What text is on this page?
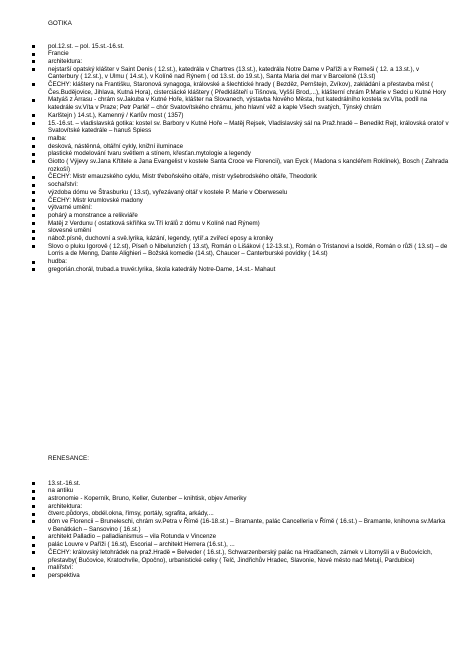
GOTIKA
pol.12.st. – pol. 15.st.-16.st.
Francie
architektura:
nejstarší opatský klášter v Saint Denis ( 12.st.), katedrála v Chartres (13.st.), katedrála Notre Dame v Paříži a v Remeši ( 12. a 13.st.), v Canterbury ( 12.st.), v Ulmu ( 14.st.), v Kolíně nad Rýnem ( od 13.st. do 19.st.), Santa Maria del mar v Barceloně (13.st)
ČECHY: kláštery na Františku, Staronová synagoga, královské a šlechtické hrady ( Bezděz, Pernštejn, Zvíkov), zakládání a přestavba měst ( Čes.Budějovice, Jihlava, Kutná Hora), cisterciácké kláštery ( Předklášteří u Tišnova, Vyšší Brod,...), klášterní chrám P.Marie v Sedci u Kutné Hory
Matyáš z Arrasu - chrám sv.Jakuba v Kutné Hoře, klášter na Slovanech, výstavba Nového Města, hut katedrálního kostela sv.Víta, podíl na katedrále sv.Víta v Praze; Petr Parléř – chór Svatovítského chrámu, jeho hlavní věž a kaple Všech svatých, Týnský chrám
Karlštejn ) 14.st.), Kamenný / Karlův most ( 1357)
15.-16.st. – vladislavská gotika: kostel sv. Barbory v Kutné Hoře – Matěj Rejsek, Vladislavský sál na Praž.hradě – Benedikt Rejt, královská oratoř v Svatovítské katedrále – hanuš Spiess
malba:
desková, nástěnná, oltářní cykly, knižní iluminace
plastické modelování tvaru světlem a stínem, křesťan.mytologie a legendy
Giotto ( Výjevy sv.Jana Křtitele a Jana Evangelist v kostele Santa Croce ve Florencii), van Eyck ( Madona s kancléřem Roklinek), Bosch ( Zahrada rozkoší)
ČECHY: Mistr emauzského cyklu, Mistr třeboňského oltáře, mistr vyšebrodského oltáře, Theodorik
sochařství:
výzdoba dómu ve Štrasburku ( 13.st), vyřezávaný oltář v kostele P. Marie v Oberweselu
ČECHY: Mistr krumlovské madony
výtvarné umění:
pohárý a monstrance a relikviáře
Matěj z Verdunu ( ostatková skříňka sv.Tří králů z dómu v Kolíně nad Rýnem)
slovesné umění
nábož.písně, duchovní a svě.lyrika, kázání, legendy, rytíř.a zvířecí eposy a kroniky
Slovo o pluku Igorově ( 12.st), Píseň o Nibelunzích ( 13.st), Román o Lišákovi ( 12-13.st.), Román o Tristanovi a Isoldě, Román o růži ( 13.st) – de Lorris a de Menng, Dante Alighieri – Božská komedie (14.st), Chaucer – Canterburské povídky ( 14.st)
hudba:
gregorián.chorál, trubad.a truvér.lyrika, škola katedrály Notre-Dame, 14.st.- Mahaut
RENESANCE:
13.st.-16.st.
na antiku
astronomie - Koperník, Bruno, Keller, Gutenber – knihtisk, objev Ameriky
architektura:
čtverc.půdorys, obdél.okna, římsy, portály, sgrafita, arkády,...
dóm ve Florencii – Bruneleschi, chrám sv.Petra v Římě (16-18.st.) – Bramante, palác Cancelleria v Římě ( 16.st.) – Bramante, knihovna sv.Marka v Benátkách – Sansovino ( 16.st.)
architekt Palladio – palladianismus – vila Rotunda v Vincenze
palác Louvre v Paříži ( 16.st), Escorial – architekt Herrera (16.st.), ...
ČECHY: královský letohrádek na praž.Hradě = Belveder ( 16.st.), Schwarzenberský palác na Hradčanech, zámek v Litomyšli a v Bučovicích, přestavby( Bučovice, Kratochvíle, Opočno), urbanistické celky ( Telč, Jindřichův Hradec, Slavonie, Nové město nad Metují, Pardubice)
malířství:
perspektiva
